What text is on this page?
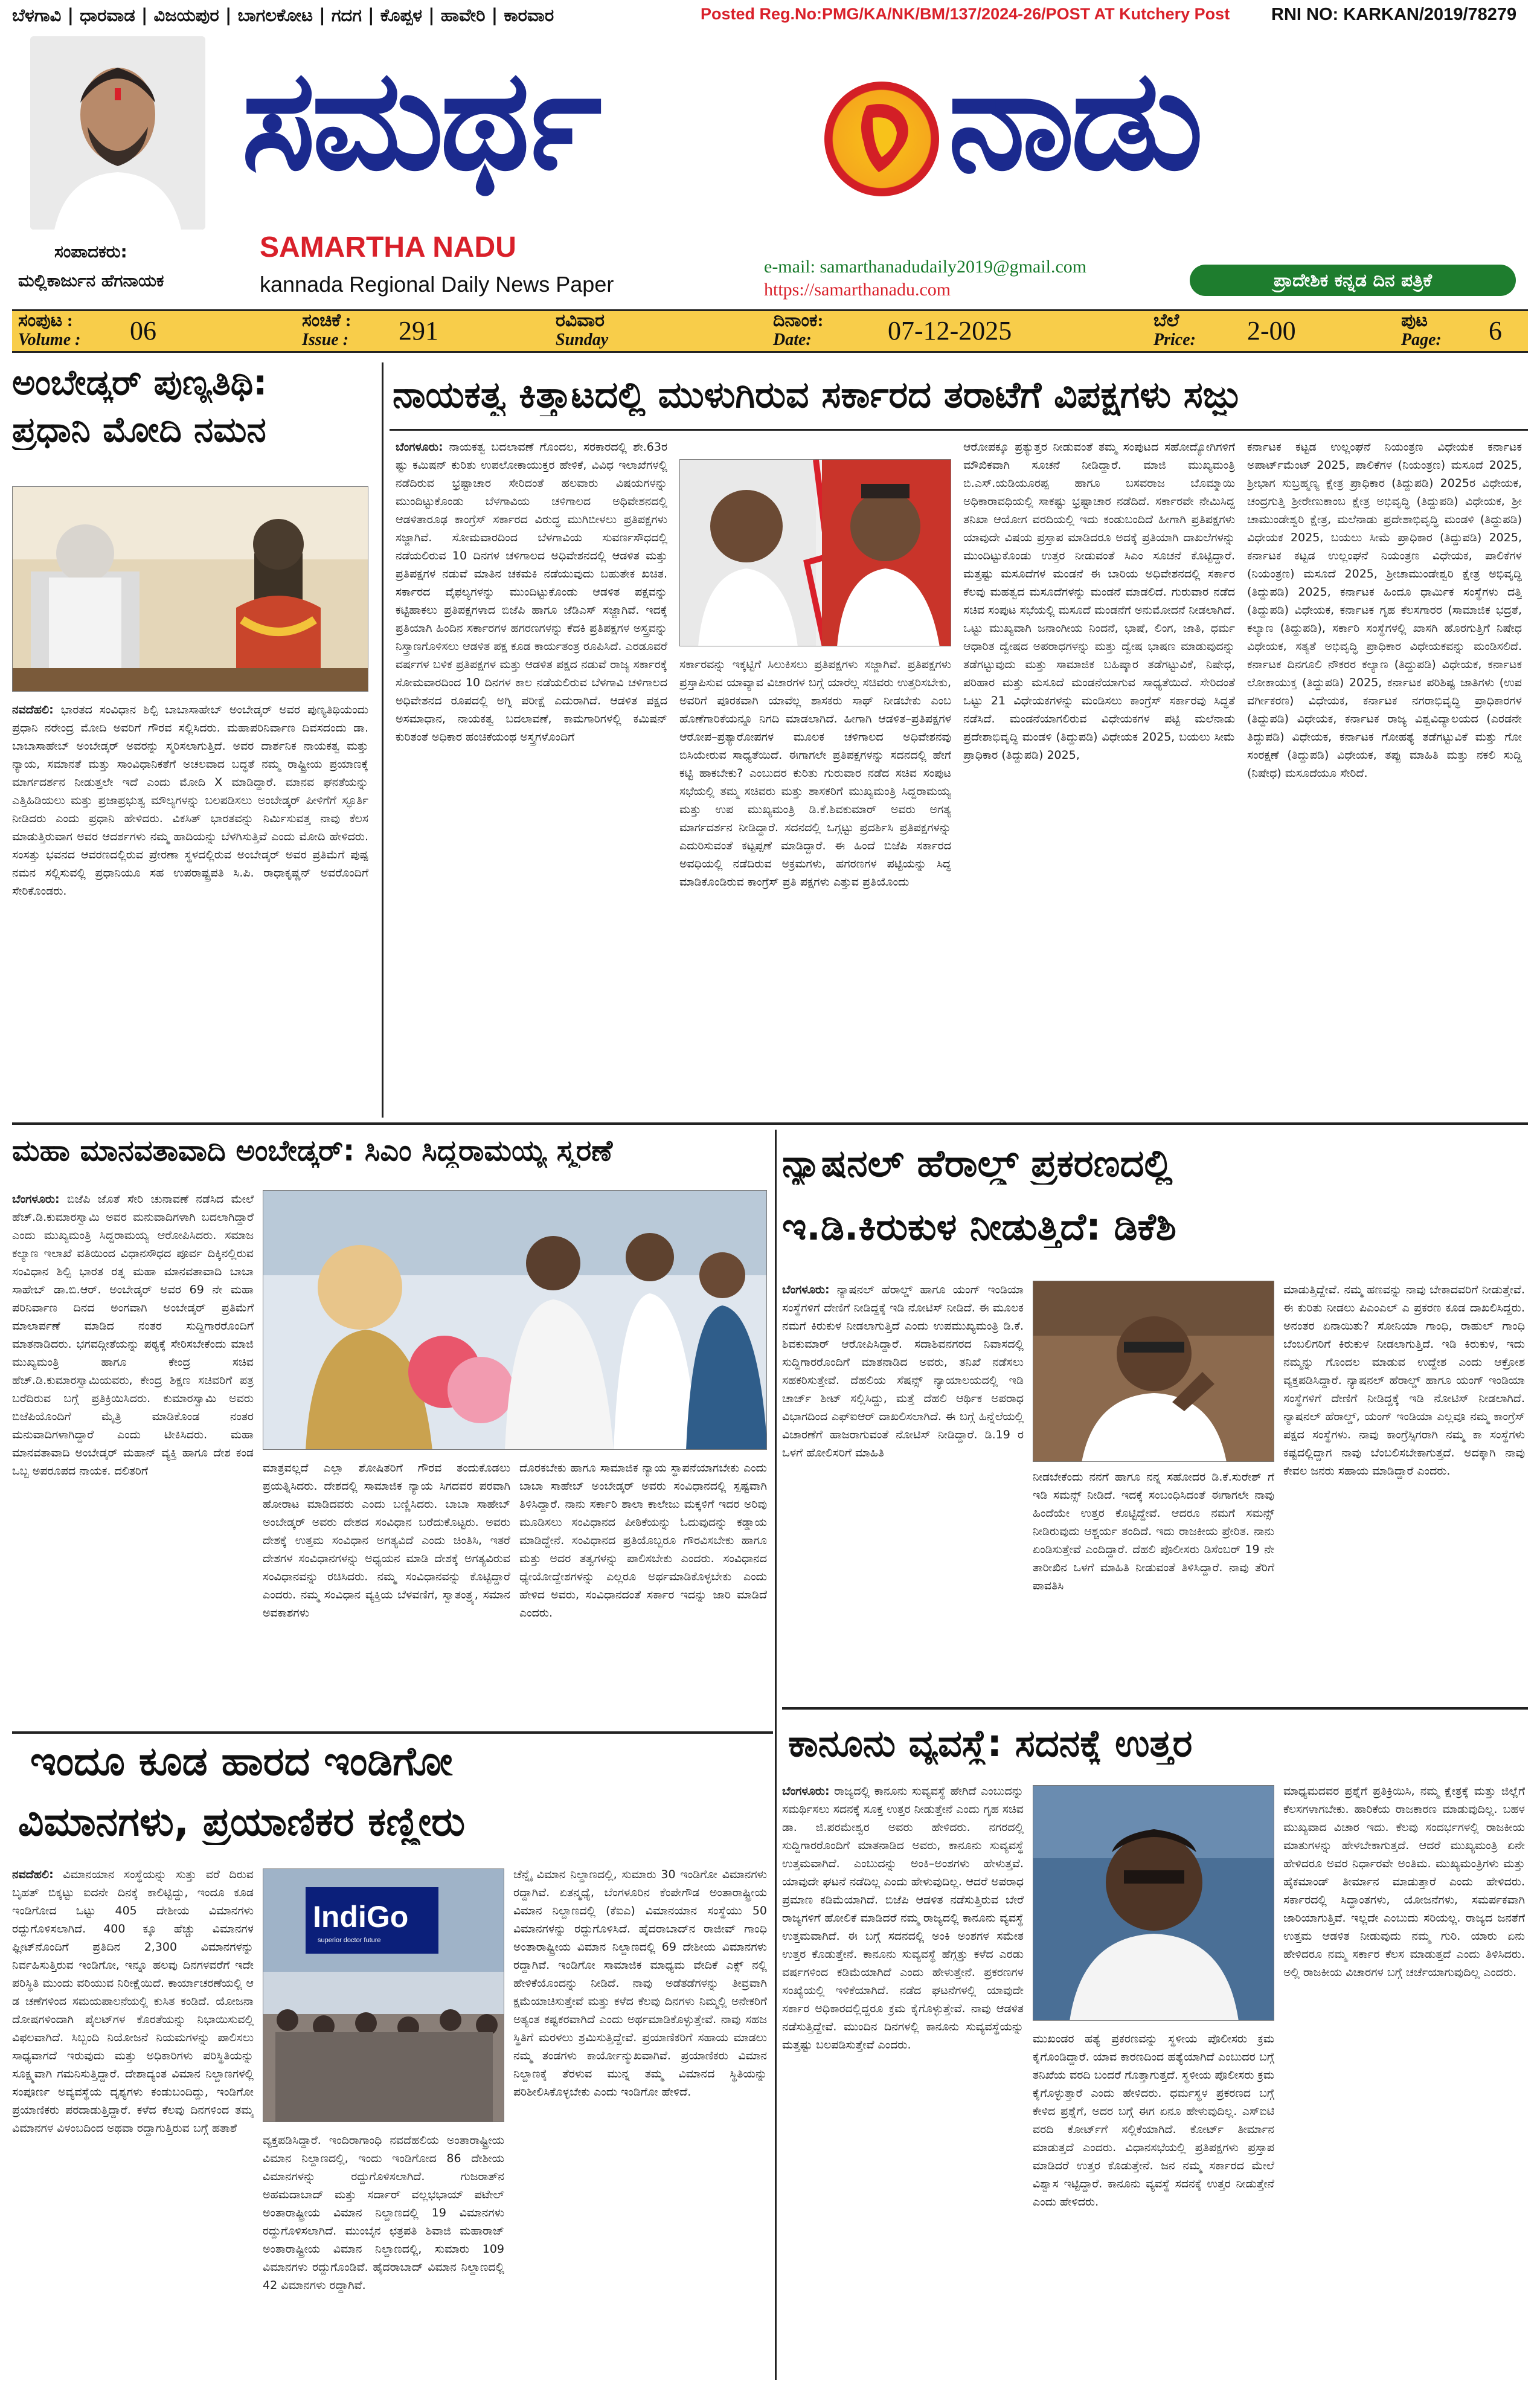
ಬೆಳಗಾವಿ | ಧಾರವಾಡ | ವಿಜಯಪುರ | ಬಾಗಲಕೋಟ | ಗದಗ | ಕೊಪ್ಪಳ | ಹಾವೇರಿ | ಕಾರವಾರ	Posted Reg.No:PMG/KA/NK/BM/137/2024-26/POST AT Kutchery Post RNI NO: KARKAN/2019/78279
ಸಂಪಾದಕರು:
ಮಲ್ಲಿಕಾರ್ಜುನ ಹೆಗನಾಯಕ
ಸಮರ್ಥ	ನಾಡು
SAMARTHA NADU
kannada Regional Daily News Paper
e-mail: samarthanadudaily2019@gmail.com
https://samarthanadu.com	ಪ್ರಾದೇಶಿಕ ಕನ್ನಡ ದಿನ ಪತ್ರಿಕೆ
ಸಂಪುಟ :
Volume : 06	ಸಂಚಿಕೆ :
Issue : 291	ರವಿವಾರ
Sunday
ದಿನಾಂಕ:
Date:	07-12-2025	ಬೆಲೆ
Price: 2-00	ಪುಟ
Page: 6
ಅಂಬೇಡ್ಕರ್ ಪುಣ್ಯತಿಥಿ:
ಪ್ರಧಾನಿ ಮೋದಿ ನಮನ
ನವದೆಹಲಿ: ಭಾರತದ ಸಂವಿಧಾನ ಶಿಲ್ಪಿ ಬಾಬಾಸಾಹೇಬ್ ಅಂಬೇಡ್ಕರ್ ಅವರ ಪುಣ್ಯತಿಥಿಯಂದು ಪ್ರಧಾನಿ ನರೇಂದ್ರ ಮೋದಿ ಅವರಿಗೆ ಗೌರವ ಸಲ್ಲಿಸಿದರು. ಮಹಾಪರಿನಿರ್ವಾಣ ದಿವಸದಂದು ಡಾ. ಬಾಬಾಸಾಹೇಬ್ ಅಂಬೇಡ್ಕರ್ ಅವರನ್ನು ಸ್ಮರಿಸಲಾಗುತ್ತಿದೆ. ಅವರ ದಾರ್ಶನಿಕ ನಾಯಕತ್ವ ಮತ್ತು ನ್ಯಾಯ, ಸಮಾನತೆ ಮತ್ತು ಸಾಂವಿಧಾನಿಕತೆಗೆ ಅಚಲವಾದ ಬದ್ಧತೆ ನಮ್ಮ ರಾಷ್ಟ್ರೀಯ ಪ್ರಯಾಣಕ್ಕೆ ಮಾರ್ಗದರ್ಶನ ನೀಡುತ್ತಲೇ ಇದೆ ಎಂದು ಮೋದಿ X ಮಾಡಿದ್ದಾರೆ. ಮಾನವ ಘನತೆಯನ್ನು ಎತ್ತಿಹಿಡಿಯಲು ಮತ್ತು ಪ್ರಜಾಪ್ರಭುತ್ವ ಮೌಲ್ಯಗಳನ್ನು ಬಲಪಡಿಸಲು ಅಂಬೇಡ್ಕರ್ ಪೀಳಿಗೆಗೆ ಸ್ಫೂರ್ತಿ ನೀಡಿದರು ಎಂದು ಪ್ರಧಾನಿ ಹೇಳಿದರು. ವಿಕಸಿತ್ ಭಾರತವನ್ನು ನಿರ್ಮಿಸುವತ್ತ ನಾವು ಕೆಲಸ ಮಾಡುತ್ತಿರುವಾಗ ಅವರ ಆದರ್ಶಗಳು ನಮ್ಮ ಹಾದಿಯನ್ನು ಬೆಳಗಿಸುತ್ತಿವೆ ಎಂದು ಮೋದಿ ಹೇಳಿದರು. ಸಂಸತ್ತು ಭವನದ ಆವರಣದಲ್ಲಿರುವ ಪ್ರೇರಣಾ ಸ್ಥಳದಲ್ಲಿರುವ ಅಂಬೇಡ್ಕರ್ ಅವರ ಪ್ರತಿಮೆಗೆ ಪುಷ್ಪ ನಮನ ಸಲ್ಲಿಸುವಲ್ಲಿ ಪ್ರಧಾನಿಯೂ ಸಹ ಉಪರಾಷ್ಟ್ರಪತಿ ಸಿ.ಪಿ. ರಾಧಾಕೃಷ್ಣನ್ ಅವರೊಂದಿಗೆ ಸೇರಿಕೊಂಡರು.
ನಾಯಕತ್ವ ಕಿತ್ತಾಟದಲ್ಲಿ ಮುಳುಗಿರುವ ಸರ್ಕಾರದ ತರಾಟೆಗೆ ವಿಪಕ್ಷಗಳು ಸಜ್ಜು
ಬೆಂಗಳೂರು: ನಾಯಕತ್ವ ಬದಲಾವಣೆ ಗೊಂದಲ, ಸರಕಾರದಲ್ಲಿ ಶೇ.63ರ ಷ್ಟು ಕಮಿಷನ್ ಕುರಿತು ಉಪಲೋಕಾಯುಕ್ತರ ಹೇಳಿಕೆ, ವಿವಿಧ ಇಲಾಖೆಗಳಲ್ಲಿ ನಡೆದಿರುವ ಭ್ರಷ್ಟಾಚಾರ ಸೇರಿದಂತೆ ಹಲವಾರು ವಿಷಯಗಳನ್ನು ಮುಂದಿಟ್ಟುಕೊಂಡು ಬೆಳಗಾವಿಯ ಚಳಿಗಾಲದ ಅಧಿವೇಶನದಲ್ಲಿ ಆಡಳಿತಾರೂಢ ಕಾಂಗ್ರೆಸ್ ಸರ್ಕಾರದ ವಿರುದ್ಧ ಮುಗಿಬೀಳಲು ಪ್ರತಿಪಕ್ಷಗಳು ಸಜ್ಜಾಗಿವೆ. ಸೋಮವಾರದಿಂದ ಬೆಳಗಾವಿಯ ಸುವರ್ಣಸೌಧದಲ್ಲಿ ನಡೆಯಲಿರುವ 10 ದಿನಗಳ ಚಳಿಗಾಲದ ಅಧಿವೇಶನದಲ್ಲಿ ಆಡಳಿತ ಮತ್ತು ಪ್ರತಿಪಕ್ಷಗಳ ನಡುವೆ ಮಾತಿನ ಚಕಮಕಿ ನಡೆಯುವುದು ಬಹುತೇಕ ಖಚಿತ. ಸರ್ಕಾರದ ವೈಫಲ್ಯಗಳನ್ನು ಮುಂದಿಟ್ಟುಕೊಂಡು ಆಡಳಿತ ಪಕ್ಷವನ್ನು ಕಟ್ಟಿಹಾಕಲು ಪ್ರತಿಪಕ್ಷಗಳಾದ ಬಿಜೆಪಿ ಹಾಗೂ ಜೆಡಿಎಸ್ ಸಜ್ಜಾಗಿವೆ. ಇದಕ್ಕೆ ಪ್ರತಿಯಾಗಿ ಹಿಂದಿನ ಸರ್ಕಾರಗಳ ಹಗರಣಗಳನ್ನು ಕೆದಕಿ ಪ್ರತಿಪಕ್ಷಗಳ ಅಸ್ತ್ರವನ್ನು ನಿಸ್ತ್ರಾಣಗೊಳಿಸಲು ಆಡಳಿತ ಪಕ್ಷ ಕೂಡ ಕಾರ್ಯತಂತ್ರ ರೂಪಿಸಿದೆ. ಎರಡೂವರೆ ವರ್ಷಗಳ ಬಳಿಕ ಪ್ರತಿಪಕ್ಷಗಳ ಮತ್ತು ಆಡಳಿತ ಪಕ್ಷದ ನಡುವೆ ರಾಜ್ಯ ಸರ್ಕಾರಕ್ಕೆ ಸೋಮವಾರದಿಂದ 10 ದಿನಗಳ ಕಾಲ ನಡೆಯಲಿರುವ ಬೆಳಗಾವಿ ಚಳಿಗಾಲದ ಅಧಿವೇಶನದ ರೂಪದಲ್ಲಿ ಅಗ್ನಿ ಪರೀಕ್ಷೆ ಎದುರಾಗಿದೆ. ಆಡಳಿತ ಪಕ್ಷದ ಅಸಮಾಧಾನ, ನಾಯಕತ್ವ ಬದಲಾವಣೆ, ಕಾಮಗಾರಿಗಳಲ್ಲಿ ಕಮಿಷನ್ ಕುರಿತಂತೆ ಅಧಿಕಾರ ಹಂಚಿಕೆಯಂಥ ಅಸ್ತ್ರಗಳೊಂದಿಗೆ
ಸರ್ಕಾರವನ್ನು ಇಕ್ಕಟ್ಟಿಗೆ ಸಿಲುಕಿಸಲು ಪ್ರತಿಪಕ್ಷಗಳು ಸಜ್ಜಾಗಿವೆ. ಪ್ರತಿಪಕ್ಷಗಳು ಪ್ರಸ್ತಾಪಿಸುವ ಯಾವ್ಯಾವ ವಿಚಾರಗಳ ಬಗ್ಗೆ ಯಾರೆಲ್ಲ ಸಚಿವರು ಉತ್ತರಿಸಬೇಕು, ಅವರಿಗೆ ಪೂರಕವಾಗಿ ಯಾವೆಲ್ಲ ಶಾಸಕರು ಸಾಥ್ ನೀಡಬೇಕು ಎಂಬ ಹೊಣೆಗಾರಿಕೆಯನ್ನೂ ನಿಗದಿ ಮಾಡಲಾಗಿದೆ. ಹೀಗಾಗಿ ಆಡಳಿತ–ಪ್ರತಿಪಕ್ಷಗಳ ಆರೋಪ–ಪ್ರತ್ಯಾರೋಪಗಳ ಮೂಲಕ ಚಳಿಗಾಲದ ಅಧಿವೇಶನವು ಬಿಸಿಯೇರುವ ಸಾಧ್ಯತೆಯಿದೆ. ಈಗಾಗಲೇ ಪ್ರತಿಪಕ್ಷಗಳನ್ನು ಸದನದಲ್ಲಿ ಹೇಗೆ ಕಟ್ಟಿ ಹಾಕಬೇಕು? ಎಂಬುದರ ಕುರಿತು ಗುರುವಾರ ನಡೆದ ಸಚಿವ ಸಂಪುಟ ಸಭೆಯಲ್ಲಿ ತಮ್ಮ ಸಚಿವರು ಮತ್ತು ಶಾಸಕರಿಗೆ ಮುಖ್ಯಮಂತ್ರಿ ಸಿದ್ದರಾಮಯ್ಯ ಮತ್ತು ಉಪ ಮುಖ್ಯಮಂತ್ರಿ ಡಿ.ಕೆ.ಶಿವಕುಮಾರ್ ಅವರು ಅಗತ್ಯ ಮಾರ್ಗದರ್ಶನ ನೀಡಿದ್ದಾರೆ. ಸದನದಲ್ಲಿ ಒಗ್ಗಟ್ಟು ಪ್ರದರ್ಶಿಸಿ ಪ್ರತಿಪಕ್ಷಗಳನ್ನು ಎದುರಿಸುವಂತೆ ಕಟ್ಟಪ್ಪಣೆ ಮಾಡಿದ್ದಾರೆ. ಈ ಹಿಂದೆ ಬಿಜೆಪಿ ಸರ್ಕಾರದ ಅವಧಿಯಲ್ಲಿ ನಡೆದಿರುವ ಅಕ್ರಮಗಳು, ಹಗರಣಗಳ ಪಟ್ಟಿಯನ್ನು ಸಿದ್ಧ ಮಾಡಿಕೊಂಡಿರುವ ಕಾಂಗ್ರೆಸ್ ಪ್ರತಿ ಪಕ್ಷಗಳು ಎತ್ತುವ ಪ್ರತಿಯೊಂದು
ಆರೋಪಕ್ಕೂ ಪ್ರತ್ಯುತ್ತರ ನೀಡುವಂತೆ ತಮ್ಮ ಸಂಪುಟದ ಸಹೋದ್ಯೋಗಿಗಳಿಗೆ ಮೌಖಿಕವಾಗಿ ಸೂಚನೆ ನೀಡಿದ್ದಾರೆ. ಮಾಜಿ ಮುಖ್ಯಮಂತ್ರಿ ಬಿ.ಎಸ್.ಯಡಿಯೂರಪ್ಪ ಹಾಗೂ ಬಸವರಾಜ ಬೊಮ್ಮಾಯಿ ಅಧಿಕಾರಾವಧಿಯಲ್ಲಿ ಸಾಕಷ್ಟು ಭ್ರಷ್ಟಾಚಾರ ನಡೆದಿದೆ. ಸರ್ಕಾರವೇ ನೇಮಿಸಿದ್ದ ತನಿಖಾ ಆಯೋಗ ವರದಿಯಲ್ಲಿ ಇದು ಕಂಡುಬಂದಿದೆ ಹೀಗಾಗಿ ಪ್ರತಿಪಕ್ಷಗಳು ಯಾವುದೇ ವಿಷಯ ಪ್ರಸ್ತಾಪ ಮಾಡಿದರೂ ಅದಕ್ಕೆ ಪ್ರತಿಯಾಗಿ ದಾಖಲೆಗಳನ್ನು ಮುಂದಿಟ್ಟುಕೊಂಡು ಉತ್ತರ ನೀಡುವಂತೆ ಸಿಎಂ ಸೂಚನೆ ಕೊಟ್ಟಿದ್ದಾರೆ. ಮತ್ತಷ್ಟು ಮಸೂದೆಗಳ ಮಂಡನೆ ಈ ಬಾರಿಯ ಅಧಿವೇಶನದಲ್ಲಿ ಸರ್ಕಾರ ಕೆಲವು ಮಹತ್ವದ ಮಸೂದೆಗಳನ್ನು ಮಂಡನೆ ಮಾಡಲಿದೆ. ಗುರುವಾರ ನಡೆದ ಸಚಿವ ಸಂಪುಟ ಸಭೆಯಲ್ಲಿ ಮಸೂದೆ ಮಂಡನೆಗೆ ಅನುಮೋದನೆ ನೀಡಲಾಗಿದೆ. ಒಟ್ಟು ಮುಖ್ಯವಾಗಿ ಜನಾಂಗೀಯ ನಿಂದನೆ, ಭಾಷೆ, ಲಿಂಗ, ಜಾತಿ, ಧರ್ಮ ಆಧಾರಿತ ದ್ವೇಷದ ಅಪರಾಧಗಳನ್ನು ಮತ್ತು ದ್ವೇಷ ಭಾಷಣ ಮಾಡುವುದನ್ನು ತಡೆಗಟ್ಟುವುದು ಮತ್ತು ಸಾಮಾಜಿಕ ಬಹಿಷ್ಕಾರ ತಡೆಗಟ್ಟುವಿಕೆ, ನಿಷೇಧ, ಪರಿಹಾರ ಮತ್ತು ಮಸೂದೆ ಮಂಡನೆಯಾಗುವ ಸಾಧ್ಯತೆಯಿದೆ. ಸೇರಿದಂತೆ ಒಟ್ಟು 21 ವಿಧೇಯಕಗಳನ್ನು ಮಂಡಿಸಲು ಕಾಂಗ್ರೆಸ್ ಸರ್ಕಾರವು ಸಿದ್ಧತೆ ನಡೆಸಿದೆ. ಮಂಡನೆಯಾಗಲಿರುವ ವಿಧೇಯಕಗಳ ಪಟ್ಟಿ ಮಲೆನಾಡು ಪ್ರದೇಶಾಭಿವೃದ್ಧಿ ಮಂಡಳಿ (ತಿದ್ದುಪಡಿ) ವಿಧೇಯಕ 2025, ಬಯಲು ಸೀಮೆ ಪ್ರಾಧಿಕಾರ (ತಿದ್ದುಪಡಿ) 2025,
ಕರ್ನಾಟಕ ಕಟ್ಟಡ ಉಲ್ಲಂಘನೆ ನಿಯಂತ್ರಣ ವಿಧೇಯಕ ಕರ್ನಾಟಕ ಅಪಾರ್ಟ್‌ಮೆಂಟ್ 2025, ಪಾಲಿಕೆಗಳ (ನಿಯಂತ್ರಣ) ಮಸೂದೆ 2025, ಶ್ರೀಭಾಗ ಸುಬ್ರಹ್ಮಣ್ಯ ಕ್ಷೇತ್ರ ಪ್ರಾಧಿಕಾರ (ತಿದ್ದುಪಡಿ) 2025ರ ವಿಧೇಯಕ, ಚಂದ್ರಗುತ್ತಿ ಶ್ರೀರೇಣುಕಾಂಬ ಕ್ಷೇತ್ರ ಅಭಿವೃದ್ಧಿ (ತಿದ್ದುಪಡಿ) ವಿಧೇಯಕ, ಶ್ರೀ ಚಾಮುಂಡೇಶ್ವರಿ ಕ್ಷೇತ್ರ, ಮಲೆನಾಡು ಪ್ರದೇಶಾಭಿವೃದ್ಧಿ ಮಂಡಳಿ (ತಿದ್ದುಪಡಿ) ವಿಧೇಯಕ 2025, ಬಯಲು ಸೀಮೆ ಪ್ರಾಧಿಕಾರ (ತಿದ್ದುಪಡಿ) 2025, ಕರ್ನಾಟಕ ಕಟ್ಟಡ ಉಲ್ಲಂಘನೆ ನಿಯಂತ್ರಣ ವಿಧೇಯಕ, ಪಾಲಿಕೆಗಳ (ನಿಯಂತ್ರಣ) ಮಸೂದೆ 2025, ಶ್ರೀಚಾಮುಂಡೇಶ್ವರಿ ಕ್ಷೇತ್ರ ಅಭಿವೃದ್ಧಿ (ತಿದ್ದುಪಡಿ) 2025, ಕರ್ನಾಟಕ ಹಿಂದೂ ಧಾರ್ಮಿಕ ಸಂಸ್ಥೆಗಳು ದತ್ತಿ (ತಿದ್ದುಪಡಿ) ವಿಧೇಯಕ, ಕರ್ನಾಟಕ ಗೃಹ ಕೆಲಸಗಾರರ (ಸಾಮಾಜಿಕ ಭದ್ರತೆ, ಕಲ್ಯಾಣ (ತಿದ್ದುಪಡಿ), ಸರ್ಕಾರಿ ಸಂಸ್ಥೆಗಳಲ್ಲಿ ಖಾಸಗಿ ಹೊರಗುತ್ತಿಗೆ ನಿಷೇಧ ವಿಧೇಯಕ, ಸತ್ಯತೆ ಅಭಿವೃದ್ಧಿ ಪ್ರಾಧಿಕಾರ ವಿಧೇಯಕವನ್ನು ಮಂಡಿಸಲಿದೆ. ಕರ್ನಾಟಕ ದಿನಗೂಲಿ ನೌಕರರ ಕಲ್ಯಾಣ (ತಿದ್ದುಪಡಿ) ವಿಧೇಯಕ, ಕರ್ನಾಟಕ ಲೋಕಾಯುಕ್ತ (ತಿದ್ದುಪಡಿ) 2025, ಕರ್ನಾಟಕ ಪರಿಶಿಷ್ಟ ಜಾತಿಗಳು (ಉಪ ವರ್ಗೀಕರಣ) ವಿಧೇಯಕ, ಕರ್ನಾಟಕ ನಗರಾಭಿವೃದ್ಧಿ ಪ್ರಾಧಿಕಾರಗಳ (ತಿದ್ದುಪಡಿ) ವಿಧೇಯಕ, ಕರ್ನಾಟಕ ರಾಜ್ಯ ವಿಶ್ವವಿದ್ಯಾಲಯದ (ಎರಡನೇ ತಿದ್ದುಪಡಿ) ವಿಧೇಯಕ, ಕರ್ನಾಟಕ ಗೋಹತ್ಯೆ ತಡೆಗಟ್ಟುವಿಕೆ ಮತ್ತು ಗೋ ಸಂರಕ್ಷಣೆ (ತಿದ್ದುಪಡಿ) ವಿಧೇಯಕ, ತಪ್ಪು ಮಾಹಿತಿ ಮತ್ತು ನಕಲಿ ಸುದ್ದಿ (ನಿಷೇಧ) ಮಸೂದೆಯೂ ಸೇರಿದೆ.
ಮಹಾ ಮಾನವತಾವಾದಿ ಅಂಬೇಡ್ಕರ್: ಸಿಎಂ ಸಿದ್ದರಾಮಯ್ಯ ಸ್ಮರಣೆ
ಬೆಂಗಳೂರು: ಬಿಜೆಪಿ ಜೊತೆ ಸೇರಿ ಚುನಾವಣೆ ನಡೆಸಿದ ಮೇಲೆ ಹೆಚ್.ಡಿ.ಕುಮಾರಸ್ವಾಮಿ ಅವರ ಮನುವಾದಿಗಳಾಗಿ ಬದಲಾಗಿದ್ದಾರೆ ಎಂದು ಮುಖ್ಯಮಂತ್ರಿ ಸಿದ್ದರಾಮಯ್ಯ ಆರೋಪಿಸಿದರು. ಸಮಾಜ ಕಲ್ಯಾಣ ಇಲಾಖೆ ವತಿಯಿಂದ ವಿಧಾನಸೌಧದ ಪೂರ್ವ ದಿಕ್ಕಿನಲ್ಲಿರುವ ಸಂವಿಧಾನ ಶಿಲ್ಪಿ ಭಾರತ ರತ್ನ ಮಹಾ ಮಾನವತಾವಾದಿ ಬಾಬಾ ಸಾಹೇಬ್ ಡಾ.ಬಿ.ಆರ್. ಅಂಬೇಡ್ಕರ್ ಅವರ 69 ನೇ ಮಹಾ ಪರಿನಿರ್ವಾಣ ದಿನದ ಅಂಗವಾಗಿ ಅಂಬೇಡ್ಕರ್ ಪ್ರತಿಮೆಗೆ ಮಾಲಾರ್ಪಣೆ ಮಾಡಿದ ನಂತರ ಸುದ್ದಿಗಾರರೊಂದಿಗೆ ಮಾತನಾಡಿದರು. ಭಗವದ್ಗೀತೆಯನ್ನು ಪಠ್ಯಕ್ಕೆ ಸೇರಿಸಬೇಕೆಂದು ಮಾಜಿ ಮುಖ್ಯಮಂತ್ರಿ ಹಾಗೂ ಕೇಂದ್ರ ಸಚಿವ ಹೆಚ್.ಡಿ.ಕುಮಾರಸ್ವಾಮಿಯವರು, ಕೇಂದ್ರ ಶಿಕ್ಷಣ ಸಚಿವರಿಗೆ ಪತ್ರ ಬರೆದಿರುವ ಬಗ್ಗೆ ಪ್ರತಿಕ್ರಿಯಿಸಿದರು. ಕುಮಾರಸ್ವಾಮಿ ಅವರು ಬಿಜೆಪಿಯೊಂದಿಗೆ ಮೈತ್ರಿ ಮಾಡಿಕೊಂಡ ನಂತರ ಮನುವಾದಿಗಳಾಗಿದ್ದಾರೆ ಎಂದು ಟೀಕಿಸಿದರು. ಮಹಾ ಮಾನವತಾವಾದಿ ಅಂಬೇಡ್ಕರ್ ಮಹಾನ್ ವ್ಯಕ್ತಿ ಹಾಗೂ ದೇಶ ಕಂಡ ಒಬ್ಬ ಅಪರೂಪದ ನಾಯಕ. ದಲಿತರಿಗೆ	ಮಾತ್ರವಲ್ಲದೆ ಎಲ್ಲಾ ಶೋಷಿತರಿಗೆ ಗೌರವ ತಂದುಕೊಡಲು ಪ್ರಯತ್ನಿಸಿದರು. ದೇಶದಲ್ಲಿ ಸಾಮಾಜಿಕ ನ್ಯಾಯ ಸಿಗದವರ ಪರವಾಗಿ ಹೋರಾಟ ಮಾಡಿದವರು ಎಂದು ಬಣ್ಣಿಸಿದರು. ಬಾಬಾ ಸಾಹೇಬ್ ಅಂಬೇಡ್ಕರ್ ಅವರು ದೇಶದ ಸಂವಿಧಾನ ಬರೆದುಕೊಟ್ಟರು. ಅವರು ದೇಶಕ್ಕೆ ಉತ್ತಮ ಸಂವಿಧಾನ ಅಗತ್ಯವಿದೆ ಎಂದು ಚಿಂತಿಸಿ, ಇತರೆ ದೇಶಗಳ ಸಂವಿಧಾನಗಳನ್ನು ಅಧ್ಯಯನ ಮಾಡಿ ದೇಶಕ್ಕೆ ಅಗತ್ಯವಿರುವ ಸಂವಿಧಾನವನ್ನು ರಚಿಸಿದರು. ನಮ್ಮ ಸಂವಿಧಾನವನ್ನು ಕೊಟ್ಟಿದ್ದಾರೆ ಎಂದರು. ನಮ್ಮ ಸಂವಿಧಾನ ವ್ಯಕ್ತಿಯ ಬೆಳವಣಿಗೆ, ಸ್ವಾತಂತ್ರ್ಯ, ಸಮಾನ ಅವಕಾಶಗಳು
ದೊರಕಬೇಕು ಹಾಗೂ ಸಾಮಾಜಿಕ ನ್ಯಾಯ ಸ್ಥಾಪನೆಯಾಗಬೇಕು ಎಂದು ಬಾಬಾ ಸಾಹೇಬ್ ಅಂಬೇಡ್ಕರ್ ಅವರು ಸಂವಿಧಾನದಲ್ಲಿ ಸ್ಪಷ್ಟವಾಗಿ ತಿಳಿಸಿದ್ದಾರೆ. ನಾನು ಸರ್ಕಾರಿ ಶಾಲಾ ಕಾಲೇಜು ಮಕ್ಕಳಿಗೆ ಇದರ ಅರಿವು ಮೂಡಿಸಲು ಸಂವಿಧಾನದ ಪೀಠಿಕೆಯನ್ನು ಓದುವುದನ್ನು ಕಡ್ಡಾಯ ಮಾಡಿದ್ದೇನೆ. ಸಂವಿಧಾನದ ಪ್ರತಿಯೊಬ್ಬರೂ ಗೌರವಿಸಬೇಕು ಹಾಗೂ ಮತ್ತು ಅದರ ತತ್ವಗಳನ್ನು ಪಾಲಿಸಬೇಕು ಎಂದರು. ಸಂವಿಧಾನದ ಧ್ಯೇಯೋದ್ದೇಶಗಳನ್ನು ಎಲ್ಲರೂ ಅರ್ಥಮಾಡಿಕೊಳ್ಳಬೇಕು ಎಂದು ಹೇಳಿದ ಅವರು, ಸಂವಿಧಾನದಂತೆ ಸರ್ಕಾರ ಇದನ್ನು ಜಾರಿ ಮಾಡಿದೆ ಎಂದರು.
ನ್ಯಾಷನಲ್ ಹೆರಾಲ್ಡ್ ಪ್ರಕರಣದಲ್ಲಿ
ಇ.ಡಿ.ಕಿರುಕುಳ ನೀಡುತ್ತಿದೆ: ಡಿಕೆಶಿ
ಬೆಂಗಳೂರು: ನ್ಯಾಷನಲ್ ಹೆರಾಲ್ಡ್ ಹಾಗೂ ಯಂಗ್ ಇಂಡಿಯಾ ಸಂಸ್ಥೆಗಳಿಗೆ ದೇಣಿಗೆ ನೀಡಿದ್ದಕ್ಕೆ ಇಡಿ ನೋಟಿಸ್ ನೀಡಿದೆ. ಈ ಮೂಲಕ ನಮಗೆ ಕಿರುಕುಳ ನೀಡಲಾಗುತ್ತಿದೆ ಎಂದು ಉಪಮುಖ್ಯಮಂತ್ರಿ ಡಿ.ಕೆ. ಶಿವಕುಮಾರ್ ಆರೋಪಿಸಿದ್ದಾರೆ. ಸದಾಶಿವನಗರದ ನಿವಾಸದಲ್ಲಿ ಸುದ್ದಿಗಾರರೊಂದಿಗೆ ಮಾತನಾಡಿದ ಅವರು, ತನಿಖೆ ನಡೆಸಲು ಸಹಕರಿಸುತ್ತೇವೆ. ದೆಹಲಿಯ ಸೆಷನ್ಸ್ ನ್ಯಾಯಾಲಯದಲ್ಲಿ ಇಡಿ ಚಾರ್ಜ್ ಶೀಟ್ ಸಲ್ಲಿಸಿದ್ದು, ಮತ್ತೆ ದೆಹಲಿ ಆರ್ಥಿಕ ಅಪರಾಧ ವಿಭಾಗದಿಂದ ಎಫ್‌ಐಆರ್ ದಾಖಲಿಸಲಾಗಿದೆ. ಈ ಬಗ್ಗೆ ಹಿನ್ನೆಲೆಯಲ್ಲಿ ವಿಚಾರಣೆಗೆ ಹಾಜರಾಗುವಂತೆ ನೋಟಿಸ್ ನೀಡಿದ್ದಾರೆ. ಡಿ.19 ರ ಒಳಗೆ ಹೋಲಿಸರಿಗೆ ಮಾಹಿತಿ
ನೀಡಬೇಕೆಂದು ನನಗೆ ಹಾಗೂ ನನ್ನ ಸಹೋದರ ಡಿ.ಕೆ.ಸುರೇಶ್ ಗೆ ಇಡಿ ಸಮನ್ಸ್ ನೀಡಿದೆ. ಇದಕ್ಕೆ ಸಂಬಂಧಿಸಿದಂತೆ ಈಗಾಗಲೇ ನಾವು ಹಿಂದೆಯೇ ಉತ್ತರ ಕೊಟ್ಟಿದ್ದೇವೆ. ಆದರೂ ನಮಗೆ ಸಮನ್ಸ್ ನೀಡಿರುವುದು ಆಶ್ಚರ್ಯ ತಂದಿದೆ. ಇದು ರಾಜಕೀಯ ಪ್ರೇರಿತ. ನಾನು ಏಂಡಿಸುತ್ತೇವೆ ಎಂದಿದ್ದಾರೆ. ದೆಹಲಿ ಪೊಲೀಸರು ಡಿಸೆಂಬರ್ 19 ನೇ ತಾರೀಖಿನ ಒಳಗೆ ಮಾಹಿತಿ ನೀಡುವಂತೆ ತಿಳಿಸಿದ್ದಾರೆ. ನಾವು ತೆರಿಗೆ ಪಾವತಿಸಿ
ಮಾಡುತ್ತಿದ್ದೇವೆ. ನಮ್ಮ ಹಣವನ್ನು ನಾವು ಬೇಕಾದವರಿಗೆ ನೀಡುತ್ತೇವೆ. ಈ ಕುರಿತು ನೀಡಲು ಪಿಎಂಎಲ್ ಎ ಪ್ರಕರಣ ಕೂಡ ದಾಖಲಿಸಿದ್ದರು. ಅನಂತರ ಏನಾಯಿತು? ಸೋನಿಯಾ ಗಾಂಧಿ, ರಾಹುಲ್ ಗಾಂಧಿ ಬೆಂಬಲಿಗರಿಗೆ ಕಿರುಕುಳ ನೀಡಲಾಗುತ್ತಿದೆ. ಇಡಿ ಕಿರುಕುಳ, ಇದು ನಮ್ಮನ್ನು ಗೊಂದಲ ಮಾಡುವ ಉದ್ದೇಶ ಎಂದು ಆಕ್ರೋಶ ವ್ಯಕ್ತಪಡಿಸಿದ್ದಾರೆ. ನ್ಯಾಷನಲ್ ಹೆರಾಲ್ಡ್ ಹಾಗೂ ಯಂಗ್ ಇಂಡಿಯಾ ಸಂಸ್ಥೆಗಳಿಗೆ ದೇಣಿಗೆ ನೀಡಿದ್ದಕ್ಕೆ ಇಡಿ ನೋಟಿಸ್ ನೀಡಲಾಗಿದೆ. ನ್ಯಾಷನಲ್ ಹೆರಾಲ್ಡ್, ಯಂಗ್ ಇಂಡಿಯಾ ಎಲ್ಲವೂ ನಮ್ಮ ಕಾಂಗ್ರೆಸ್ ಪಕ್ಷದ ಸಂಸ್ಥೆಗಳು. ನಾವು ಕಾಂಗ್ರೆಸ್ಸಿಗರಾಗಿ ನಮ್ಮ ಕಾ ಸಂಸ್ಥೆಗಳು ಕಷ್ಟದಲ್ಲಿದ್ದಾಗ ನಾವು ಬೆಂಬಲಿಸಬೇಕಾಗುತ್ತದೆ. ಅದಕ್ಕಾಗಿ ನಾವು ಕೇವಲ ಜನರು ಸಹಾಯ ಮಾಡಿದ್ದಾರೆ ಎಂದರು.
ಇಂದೂ ಕೂಡ ಹಾರದ ಇಂಡಿಗೋ
ವಿಮಾನಗಳು, ಪ್ರಯಾಣಿಕರ ಕಣ್ಣೀರು
ನವದೆಹಲಿ: ವಿಮಾನಯಾನ ಸಂಸ್ಥೆಯನ್ನು ಸುತ್ತು ವರೆ ದಿರುವ ಬೃಹತ್ ಬಿಕ್ಕಟ್ಟು ಐದನೇ ದಿನಕ್ಕೆ ಕಾಲಿಟ್ಟಿದ್ದು, ಇಂದೂ ಕೂಡ ಇಂಡಿಗೋದ ಒಟ್ಟು 405 ದೇಶೀಯ ವಿಮಾನಗಳು ರದ್ದುಗೊಳಿಸಲಾಗಿದೆ. 400 ಕ್ಕೂ ಹೆಚ್ಚು ವಿಮಾನಗಳ ಫ್ಲೀಟ್‌ನೊಂದಿಗೆ ಪ್ರತಿದಿನ 2,300 ವಿಮಾನಗಳನ್ನು ನಿರ್ವಹಿಸುತ್ತಿರುವ ಇಂಡಿಗೋ, ಇನ್ನೂ ಹಲವು ದಿನಗಳವರೆಗೆ ಇದೇ ಪರಿಸ್ಥಿತಿ ಮುಂದು ವರಿಯುವ ನಿರೀಕ್ಷೆಯಿದೆ. ಕಾರ್ಯಾಚರಣೆಯಲ್ಲಿ ಆ ಡ ಚಣೆಗಳಿಂದ ಸಮಯಪಾಲನೆಯಲ್ಲಿ ಕುಸಿತ ಕಂಡಿದೆ. ಯೋಜನಾ ದೋಷಗಳಿಂದಾಗಿ ಪೈಲಟ್‌ಗಳ ಕೊರತೆಯನ್ನು ನಿಭಾಯಿಸುವಲ್ಲಿ ವಿಫಲವಾಗಿದೆ. ಸಿಬ್ಬಂದಿ ನಿಯೋಜನೆ ನಿಯಮಗಳನ್ನು ಪಾಲಿಸಲು ಸಾಧ್ಯವಾಗದೆ ಇರುವುದು ಮತ್ತು ಅಧಿಕಾರಿಗಳು ಪರಿಸ್ಥಿತಿಯನ್ನು ಸೂಕ್ಷ್ಮವಾಗಿ ಗಮನಿಸುತ್ತಿದ್ದಾರೆ. ದೇಶಾದ್ಯಂತ ವಿಮಾನ ನಿಲ್ದಾಣಗಳಲ್ಲಿ ಸಂಪೂರ್ಣ ಅವ್ಯವಸ್ಥೆಯ ದೃಶ್ಯಗಳು ಕಂಡುಬಂದಿದ್ದು, ಇಂಡಿಗೋ ಪ್ರಯಾಣಿಕರು ಪರದಾಡುತ್ತಿದ್ದಾರೆ. ಕಳೆದ ಕೆಲವು ದಿನಗಳಿಂದ ತಮ್ಮ ವಿಮಾನಗಳ ವಿಳಂಬದಿಂದ ಅಥವಾ ರದ್ದಾಗುತ್ತಿರುವ ಬಗ್ಗೆ ಹತಾಶೆ
IndiGo
superior doctor future
ವ್ಯಕ್ತಪಡಿಸಿದ್ದಾರೆ. ಇಂದಿರಾಗಾಂಧಿ ನವದೆಹಲಿಯ ಅಂತಾರಾಷ್ಟ್ರೀಯ ವಿಮಾನ ನಿಲ್ದಾಣದಲ್ಲಿ, ಇಂದು ಇಂಡಿಗೋದ 86 ದೇಶೀಯ ವಿಮಾನಗಳನ್ನು ರದ್ದುಗೊಳಿಸಲಾಗಿದೆ. ಗುಜರಾತ್‌ನ ಅಹಮದಾಬಾದ್ ಮತ್ತು ಸರ್ದಾರ್ ವಲ್ಲಭಭಾಯ್ ಪಟೇಲ್ ಅಂತಾರಾಷ್ಟ್ರೀಯ ವಿಮಾನ ನಿಲ್ದಾಣದಲ್ಲಿ 19 ವಿಮಾನಗಳು ರದ್ದುಗೊಳಿಸಲಾಗಿದೆ. ಮುಂಬೈನ ಛತ್ರಪತಿ ಶಿವಾಜಿ ಮಹಾರಾಜ್ ಅಂತಾರಾಷ್ಟ್ರೀಯ ವಿಮಾನ ನಿಲ್ದಾಣದಲ್ಲಿ, ಸುಮಾರು 109 ವಿಮಾನಗಳು ರದ್ದುಗೊಂಡಿವೆ. ಹೈದರಾಬಾದ್ ವಿಮಾನ ನಿಲ್ದಾಣದಲ್ಲಿ 42 ವಿಮಾನಗಳು ರದ್ದಾಗಿವೆ.
ಚೆನ್ನೈ ವಿಮಾನ ನಿಲ್ದಾಣದಲ್ಲಿ, ಸುಮಾರು 30 ಇಂಡಿಗೋ ವಿಮಾನಗಳು ರದ್ದಾಗಿವೆ. ಏತನ್ಮಧ್ಯೆ, ಬೆಂಗಳೂರಿನ ಕೆಂಪೇಗೌಡ ಅಂತಾರಾಷ್ಟ್ರೀಯ ವಿಮಾನ ನಿಲ್ದಾಣದಲ್ಲಿ (ಕೆಐಎ) ವಿಮಾನಯಾನ ಸಂಸ್ಥೆಯು 50 ವಿಮಾನಗಳನ್ನು ರದ್ದುಗೊಳಿಸಿದೆ. ಹೈದರಾಬಾದ್‌ನ ರಾಜೀವ್ ಗಾಂಧಿ ಅಂತಾರಾಷ್ಟ್ರೀಯ ವಿಮಾನ ನಿಲ್ದಾಣದಲ್ಲಿ 69 ದೇಶೀಯ ವಿಮಾನಗಳು ರದ್ದಾಗಿವೆ. ಇಂಡಿಗೋ ಸಾಮಾಜಿಕ ಮಾಧ್ಯಮ ವೇದಿಕೆ ಎಕ್ಸ್ ನಲ್ಲಿ ಹೇಳಿಕೆಯೊಂದನ್ನು ನೀಡಿದೆ. ನಾವು ಅಡೆತಡೆಗಳನ್ನು ತೀವ್ರವಾಗಿ ಕ್ಷಮೆಯಾಚಿಸುತ್ತೇವೆ ಮತ್ತು ಕಳೆದ ಕೆಲವು ದಿನಗಳು ನಿಮ್ಮಲ್ಲಿ ಅನೇಕರಿಗೆ ಅತ್ಯಂತ ಕಷ್ಟಕರವಾಗಿದೆ ಎಂದು ಅರ್ಥಮಾಡಿಕೊಳ್ಳುತ್ತೇವೆ. ನಾವು ಸಹಜ ಸ್ಥಿತಿಗೆ ಮರಳಲು ಶ್ರಮಿಸುತ್ತಿದ್ದೇವೆ. ಪ್ರಯಾಣಿಕರಿಗೆ ಸಹಾಯ ಮಾಡಲು ನಮ್ಮ ತಂಡಗಳು ಕಾರ್ಯೋನ್ಮುಖವಾಗಿವೆ. ಪ್ರಯಾಣಿಕರು ವಿಮಾನ ನಿಲ್ದಾಣಕ್ಕೆ ತೆರಳುವ ಮುನ್ನ ತಮ್ಮ ವಿಮಾನದ ಸ್ಥಿತಿಯನ್ನು ಪರಿಶೀಲಿಸಿಕೊಳ್ಳಬೇಕು ಎಂದು ಇಂಡಿಗೋ ಹೇಳಿದೆ.
ಕಾನೂನು ವ್ಯವಸ್ಥೆ: ಸದನಕ್ಕೆ ಉತ್ತರ
ಬೆಂಗಳೂರು: ರಾಜ್ಯದಲ್ಲಿ ಕಾನೂನು ಸುವ್ಯವಸ್ಥೆ ಹೇಗಿದೆ ಎಂಬುದನ್ನು ಸಮರ್ಥಿಸಲು ಸದನಕ್ಕೆ ಸೂಕ್ತ ಉತ್ತರ ನೀಡುತ್ತೇನೆ ಎಂದು ಗೃಹ ಸಚಿವ ಡಾ. ಜಿ.ಪರಮೇಶ್ವರ ಅವರು ಹೇಳಿದರು. ನಗರದಲ್ಲಿ ಸುದ್ದಿಗಾರರೊಂದಿಗೆ ಮಾತನಾಡಿದ ಅವರು, ಕಾನೂನು ಸುವ್ಯವಸ್ಥೆ ಉತ್ತಮವಾಗಿದೆ. ಎಂಬುದನ್ನು ಅಂಕಿ–ಅಂಶಗಳು ಹೇಳುತ್ತವೆ. ಯಾವುದೇ ಘಟನೆ ನಡೆದಿಲ್ಲ ಎಂದು ಹೇಳುವುದಿಲ್ಲ. ಆದರೆ ಅಪರಾಧ ಪ್ರಮಾಣ ಕಡಿಮೆಯಾಗಿದೆ. ಬಿಜೆಪಿ ಆಡಳಿತ ನಡೆಸುತ್ತಿರುವ ಬೇರೆ ರಾಜ್ಯಗಳಿಗೆ ಹೋಲಿಕೆ ಮಾಡಿದರೆ ನಮ್ಮ ರಾಜ್ಯದಲ್ಲಿ ಕಾನೂನು ವ್ಯವಸ್ಥೆ ಉತ್ತಮವಾಗಿದೆ. ಈ ಬಗ್ಗೆ ಸದನದಲ್ಲಿ ಅಂಕಿ ಅಂಶಗಳ ಸಮೇತ ಉತ್ತರ ಕೊಡುತ್ತೇನೆ. ಕಾನೂನು ಸುವ್ಯವಸ್ಥೆ ಹೆಗ್ಗತ್ತು ಕಳೆದ ಎರಡು ವರ್ಷಗಳಿಂದ ಕಡಿಮೆಯಾಗಿದೆ ಎಂದು ಹೇಳುತ್ತೇನೆ. ಪ್ರಕರಣಗಳ ಸಂಖ್ಯೆಯಲ್ಲಿ ಇಳಿಕೆಯಾಗಿದೆ. ನಡೆದ ಘಟನೆಗಳಲ್ಲಿ ಯಾವುದೇ ಸರ್ಕಾರ ಅಧಿಕಾರದಲ್ಲಿದ್ದರೂ ಕ್ರಮ ಕೈಗೊಳ್ಳುತ್ತೇವೆ. ನಾವು ಆಡಳಿತ ನಡೆಸುತ್ತಿದ್ದೇವೆ. ಮುಂದಿನ ದಿನಗಳಲ್ಲಿ ಕಾನೂನು ಸುವ್ಯವಸ್ಥೆಯನ್ನು ಮತ್ತಷ್ಟು ಬಲಪಡಿಸುತ್ತೇವೆ ಎಂದರು.	ಮುಖಂಡರ ಹತ್ಯೆ ಪ್ರಕರಣವನ್ನು ಸ್ಥಳೀಯ ಪೊಲೀಸರು ಕ್ರಮ ಕೈಗೊಂಡಿದ್ದಾರೆ. ಯಾವ ಕಾರಣದಿಂದ ಹತ್ಯೆಯಾಗಿದೆ ಎಂಬುದರ ಬಗ್ಗೆ ತನಿಖೆಯ ವರದಿ ಬಂದರೆ ಗೊತ್ತಾಗುತ್ತದೆ. ಸ್ಥಳೀಯ ಪೊಲೀಸರು ಕ್ರಮ ಕೈಗೊಳ್ಳುತ್ತಾರೆ ಎಂದು ಹೇಳಿದರು. ಧರ್ಮಸ್ಥಳ ಪ್ರಕರಣದ ಬಗ್ಗೆ ಕೇಳಿದ ಪ್ರಶ್ನೆಗೆ, ಅದರ ಬಗ್ಗೆ ಈಗ ಏನೂ ಹೇಳುವುದಿಲ್ಲ. ಎಸ್ಐಟಿ ವರದಿ ಕೋರ್ಟ್‌ಗೆ ಸಲ್ಲಿಕೆಯಾಗಿದೆ. ಕೋರ್ಟ್ ತೀರ್ಮಾನ ಮಾಡುತ್ತದೆ ಎಂದರು. ವಿಧಾನಸಭೆಯಲ್ಲಿ ಪ್ರತಿಪಕ್ಷಗಳು ಪ್ರಸ್ತಾಪ ಮಾಡಿದರೆ ಉತ್ತರ ಕೊಡುತ್ತೇನೆ. ಜನ ನಮ್ಮ ಸರ್ಕಾರದ ಮೇಲೆ ವಿಶ್ವಾಸ ಇಟ್ಟಿದ್ದಾರೆ. ಕಾನೂನು ವ್ಯವಸ್ಥೆ ಸದನಕ್ಕೆ ಉತ್ತರ ನೀಡುತ್ತೇನೆ ಎಂದು ಹೇಳಿದರು.
ಮಾಧ್ಯಮದವರ ಪ್ರಶ್ನೆಗೆ ಪ್ರತಿಕ್ರಿಯಿಸಿ, ನಮ್ಮ ಕ್ಷೇತ್ರಕ್ಕೆ ಮತ್ತು ಜಿಲ್ಲೆಗೆ ಕೆಲಸಗಳಾಗಬೇಕು. ಹಾರಿಕೆಯ ರಾಜಕಾರಣ ಮಾಡುವುದಿಲ್ಲ. ಬಹಳ ಮುಖ್ಯವಾದ ವಿಚಾರ ಇದು. ಕೆಲವು ಸಂದರ್ಭಗಳಲ್ಲಿ ರಾಜಕೀಯ ಮಾತುಗಳನ್ನು ಹೇಳಬೇಕಾಗುತ್ತದೆ. ಆದರೆ ಮುಖ್ಯಮಂತ್ರಿ ಏನೇ ಹೇಳಿದರೂ ಅವರ ನಿರ್ಧಾರವೇ ಅಂತಿಮ. ಮುಖ್ಯಮಂತ್ರಿಗಳು ಮತ್ತು ಹೈಕಮಾಂಡ್ ತೀರ್ಮಾನ ಮಾಡುತ್ತಾರೆ ಎಂದು ಹೇಳಿದರು. ಸರ್ಕಾರದಲ್ಲಿ ಸಿದ್ಧಾಂತಗಳು, ಯೋಜನೆಗಳು, ಸಮರ್ಪಕವಾಗಿ ಜಾರಿಯಾಗುತ್ತಿವೆ. ಇಲ್ಲದೇ ಎಂಬುದು ಸರಿಯಲ್ಲ. ರಾಜ್ಯದ ಜನತೆಗೆ ಉತ್ತಮ ಆಡಳಿತ ನೀಡುವುದು ನಮ್ಮ ಗುರಿ. ಯಾರು ಏನು ಹೇಳಿದರೂ ನಮ್ಮ ಸರ್ಕಾರ ಕೆಲಸ ಮಾಡುತ್ತದೆ ಎಂದು ತಿಳಿಸಿದರು. ಅಲ್ಲಿ ರಾಜಕೀಯ ವಿಚಾರಗಳ ಬಗ್ಗೆ ಚರ್ಚೆಯಾಗುವುದಿಲ್ಲ ಎಂದರು.
